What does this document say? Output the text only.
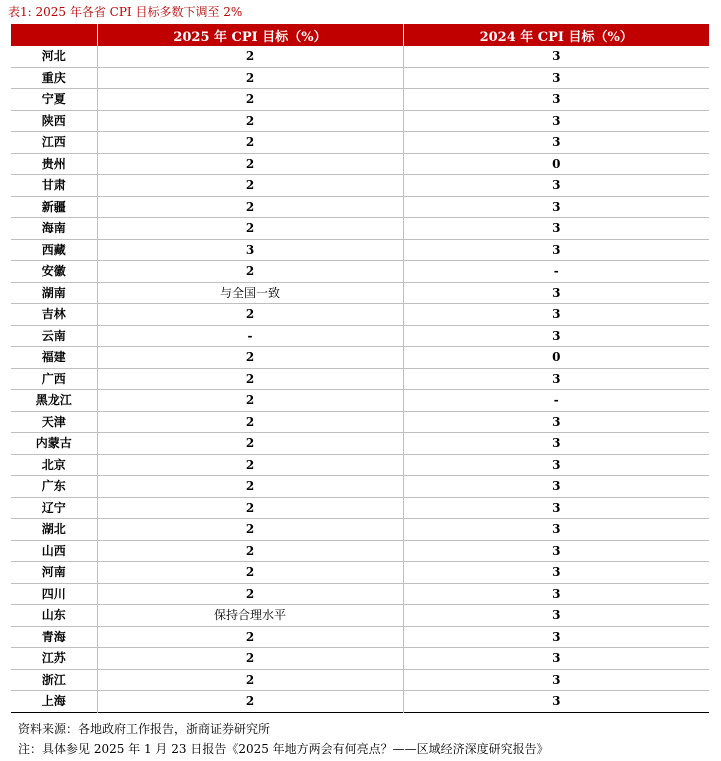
表1: 2025 年各省 CPI 目标多数下调至 2%
	2025 年 CPI 目标（%）	2024 年 CPI 目标（%）
河北	2	3
重庆	2	3
宁夏	2	3
陕西	2	3
江西	2	3
贵州	2	0
甘肃	2	3
新疆	2	3
海南	2	3
西藏	3	3
安徽	2	-
湖南	与全国一致	3
吉林	2	3
云南	-	3
福建	2	0
广西	2	3
黑龙江	2	-
天津	2	3
内蒙古	2	3
北京	2	3
广东	2	3
辽宁	2	3
湖北	2	3
山西	2	3
河南	2	3
四川	2	3
山东	保持合理水平	3
青海	2	3
江苏	2	3
浙江	2	3
上海	2	3
资料来源：各地政府工作报告，浙商证券研究所
注：具体参见 2025 年 1 月 23 日报告《2025 年地方两会有何亮点？——区域经济深度研究报告》
